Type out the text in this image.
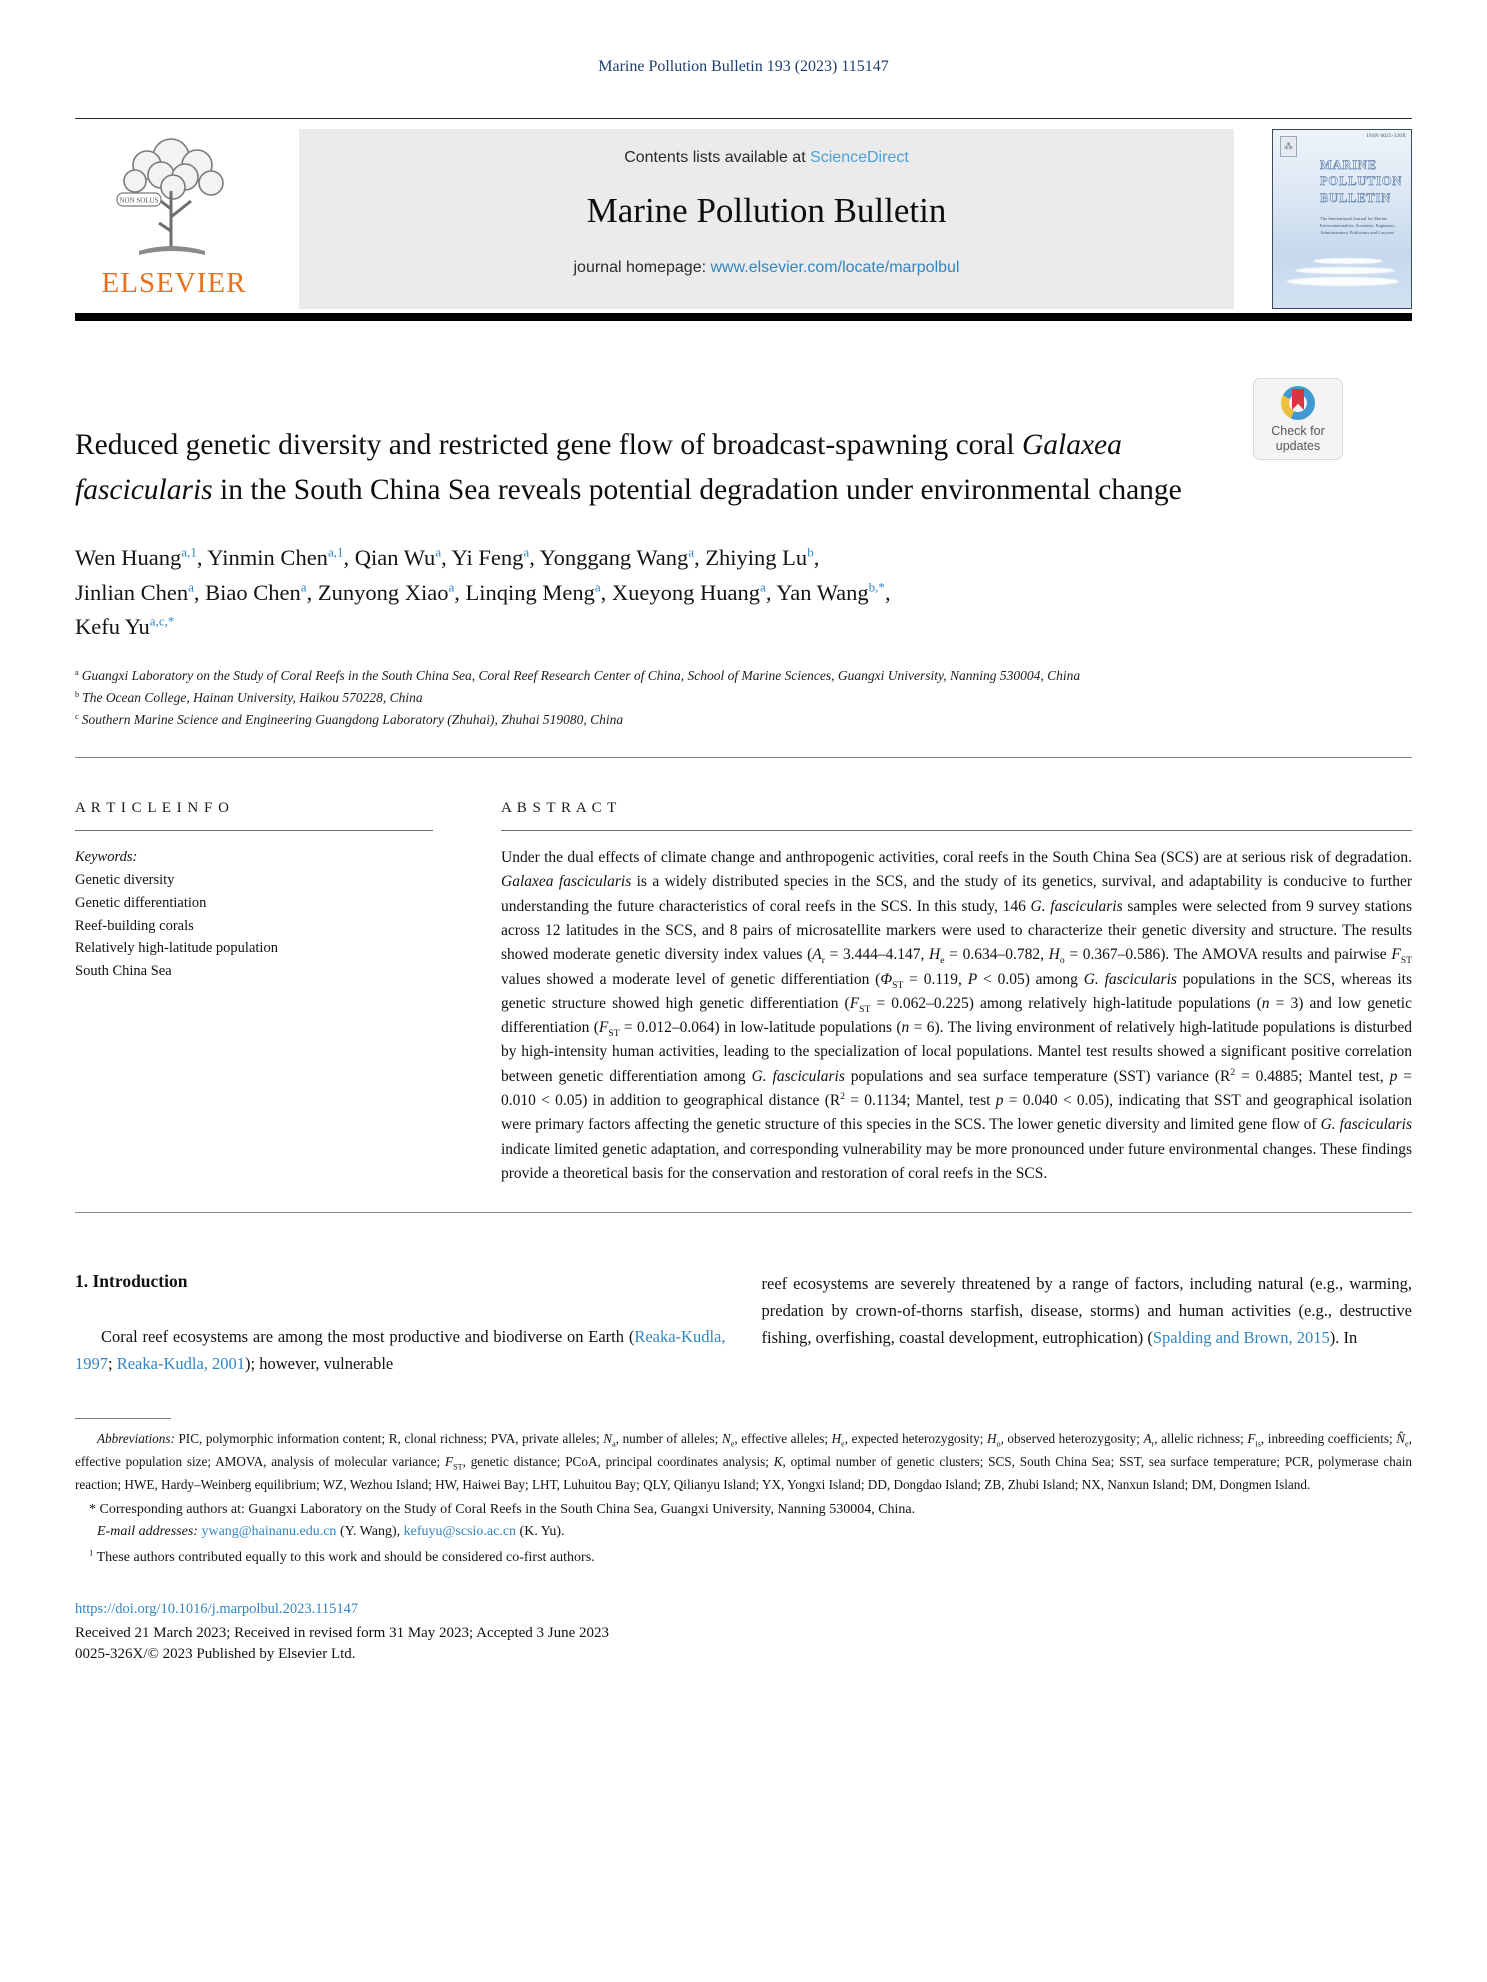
Marine Pollution Bulletin 193 (2023) 115147
NON SOLUS
ELSEVIER
Contents lists available at ScienceDirect
Marine Pollution Bulletin
journal homepage: www.elsevier.com/locate/marpolbul
⁂
ISSN 0025-326X
MARINE
POLLUTION
BULLETIN
The International Journal for Marine Environmentalists, Scientists, Engineers, Administrators, Politicians and Lawyers
Reduced genetic diversity and restricted gene flow of broadcast-spawning coral Galaxea fascicularis in the South China Sea reveals potential degradation under environmental change
Wen Huang$^{a,1}$, Yinmin Chen$^{a,1}$, Qian Wu$^a$, Yi Feng$^a$, Yonggang Wang$^a$, Zhiying Lu$^b$,
Jinlian Chen$^a$, Biao Chen$^a$, Zunyong Xiao$^a$, Linqing Meng$^a$, Xueyong Huang$^a$, Yan Wang$^{b,*}$,
Kefu $Yu^{a,c,*}$
$^a$ Guangxi Laboratory on the Study of Coral Reefs in the South China Sea, Coral Reef Research Center of China, School of Marine Sciences, Guangxi University, Nanning 530004, China
$^b$ The Ocean College, Hainan University, Haikou 570228, China
$^c$ Southern Marine Science and Engineering Guangdong Laboratory (Zhuhai), Zhuhai 519080, China
A R T I C L E I N F O
Keywords:
Genetic diversity
Genetic differentiation
Reef-building corals
Relatively high-latitude population
South China Sea
A B S T R A C T
Under the dual effects of climate change and anthropogenic activities, coral reefs in the South China Sea (SCS) are at serious risk of degradation. Galaxea fascicularis is a widely distributed species in the SCS, and the study of its genetics, survival, and adaptability is conducive to further understanding the future characteristics of coral reefs in the SCS. In this study, 146 G. fascicularis samples were selected from 9 survey stations across 12 latitudes in the SCS, and 8 pairs of microsatellite markers were used to characterize their genetic diversity and structure. The results showed moderate genetic diversity index values ($A_r = 3.444-4.147$, $H_e = 0.634-0.782$, $H_o = 0.367-0.586$). The AMOVA results and pairwise $F_{ST}$ values showed a moderate level of genetic differentiation ($\Phi_{ST} = 0.119$, P < 0.05) among G. fascicularis populations in the SCS, whereas its genetic structure showed high genetic differentiation $(F_{ST} = 0.062-0.225)$ among relatively high-latitude populations (n = 3) and low genetic differentiation $(F_{ST} = 0.012-0.064)$ in low-latitude populations (n = 6). The living environment of relatively high-latitude populations is disturbed by high-intensity human activities, leading to the specialization of local populations. Mantel test results showed a significant positive correlation between genetic differentiation among G. fascicularis populations and sea surface temperature (SST) variance ($R^2 = 0.4885$; Mantel test, p = 0.010 < 0.05) in addition to geographical distance ($R^2 = 0.1134$; Mantel, test p = 0.040 < 0.05), indicating that SST and geographical isolation were primary factors affecting the genetic structure of this species in the SCS. The lower genetic diversity and limited gene flow of G. fascicularis indicate limited genetic adaptation, and corresponding vulnerability may be more pronounced under future environmental changes. These findings provide a theoretical basis for the conservation and restoration of coral reefs in the SCS.
1. Introduction

Coral reef ecosystems are among the most productive and biodiverse on Earth (Reaka-Kudla, 1997; Reaka-Kudla, 2001); however, vulnerable

reef ecosystems are severely threatened by a range of factors, including natural (e.g., warming, predation by crown-of-thorns starfish, disease, storms) and human activities (e.g., destructive fishing, overfishing, coastal development, eutrophication) (Spalding and Brown, 2015). In

Abbreviations: PIC, polymorphic information content; R, clonal richness; PVA, private alleles; $N_a$, number of alleles; $N_e$, effective alleles; $H_e$, expected heterozygosity; $H_o$, observed heterozygosity; $A_r$, allelic richness; $F_{is}$, inbreeding coefficients; $N̂_e$, effective population size; AMOVA, analysis of molecular variance; $F_{ST}$, genetic distance; PCoA, principal coordinates analysis; K, optimal number of genetic clusters; SCS, South China Sea; SST, sea surface temperature; PCR, polymerase chain reaction; HWE, Hardy–Weinberg equilibrium; WZ, Wezhou Island; HW, Haiwei Bay; LHT, Luhuitou Bay; QLY, Qilianyu Island; YX, Yongxi Island; DD, Dongdao Island; ZB, Zhubi Island; NX, Nanxun Island; DM, Dongmen Island.
* Corresponding authors at: Guangxi Laboratory on the Study of Coral Reefs in the South China Sea, Guangxi University, Nanning 530004, China.
E-mail addresses: ywang@hainanu.edu.cn (Y. Wang), kefuyu@scsio.ac.cn (K. Yu).
$^1$ These authors contributed equally to this work and should be considered co-first authors.
https://doi.org/10.1016/j.marpolbul.2023.115147
Received 21 March 2023; Received in revised form 31 May 2023; Accepted 3 June 2023
0025-326X/© 2023 Published by Elsevier Ltd.
Check for
updates
